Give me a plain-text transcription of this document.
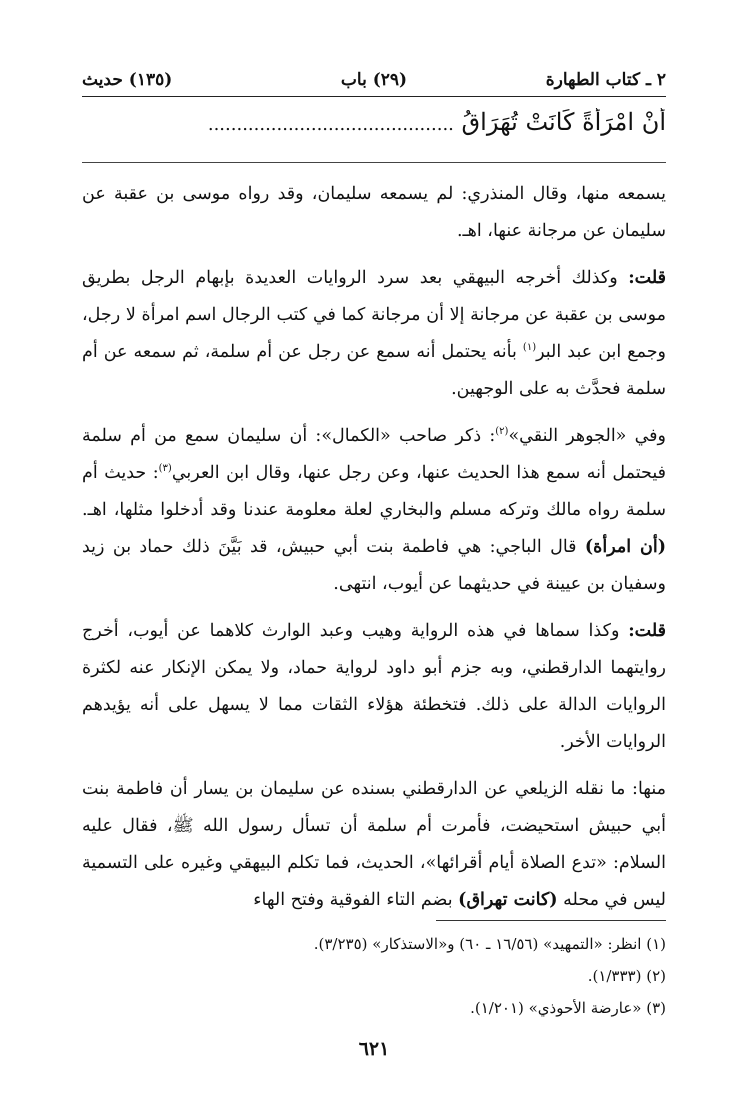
٢ ـ كتاب الطهارة
(٢٩) باب
(١٣٥) حديث
أَنْ امْرَأَةً كَانَتْ تُهَرَاقُ ...........................................

يسمعه منها، وقال المنذري: لم يسمعه سليمان، وقد رواه موسى بن عقبة عن سليمان عن مرجانة عنها، اهـ.

قلت: وكذلك أخرجه البيهقي بعد سرد الروايات العديدة بإبهام الرجل بطريق موسى بن عقبة عن مرجانة إلا أن مرجانة كما في كتب الرجال اسم امرأة لا رجل، وجمع ابن عبد البر$^{(١)}$ بأنه يحتمل أنه سمع عن رجل عن أم سلمة، ثم سمعه عن أم سلمة فحدَّث به على الوجهين.

وفي «الجوهر النقي»$^{(٢)}$: ذكر صاحب «الكمال»: أن سليمان سمع من أم سلمة فيحتمل أنه سمع هذا الحديث عنها، وعن رجل عنها، وقال ابن العربي$^{(٣)}$: حديث أم سلمة رواه مالك وتركه مسلم والبخاري لعلة معلومة عندنا وقد أدخلوا مثلها، اهـ. (أن امرأة) قال الباجي: هي فاطمة بنت أبي حبيش، قد بَيَّنَ ذلك حماد بن زيد وسفيان بن عيينة في حديثهما عن أيوب، انتهى.

قلت: وكذا سماها في هذه الرواية وهيب وعبد الوارث كلاهما عن أيوب، أخرج روايتهما الدارقطني، وبه جزم أبو داود لرواية حماد، ولا يمكن الإنكار عنه لكثرة الروايات الدالة على ذلك. فتخطئة هؤلاء الثقات مما لا يسهل على أنه يؤيدهم الروايات الأخر.

منها: ما نقله الزيلعي عن الدارقطني بسنده عن سليمان بن يسار أن فاطمة بنت أبي حبيش استحيضت، فأمرت أم سلمة أن تسأل رسول الله ﷺ، فقال عليه السلام: «تدع الصلاة أيام أقرائها»، الحديث، فما تكلم البيهقي وغيره على التسمية ليس في محله (كانت تهراق) بضم التاء الفوقية وفتح الهاء

(١) انظر: «التمهيد» (١٦/٥٦ ـ ٦٠) و«الاستذكار» (٣/٢٣٥).
(٢) (١/٣٣٣).
(٣) «عارضة الأحوذي» (١/٢٠١).
٦٢١
